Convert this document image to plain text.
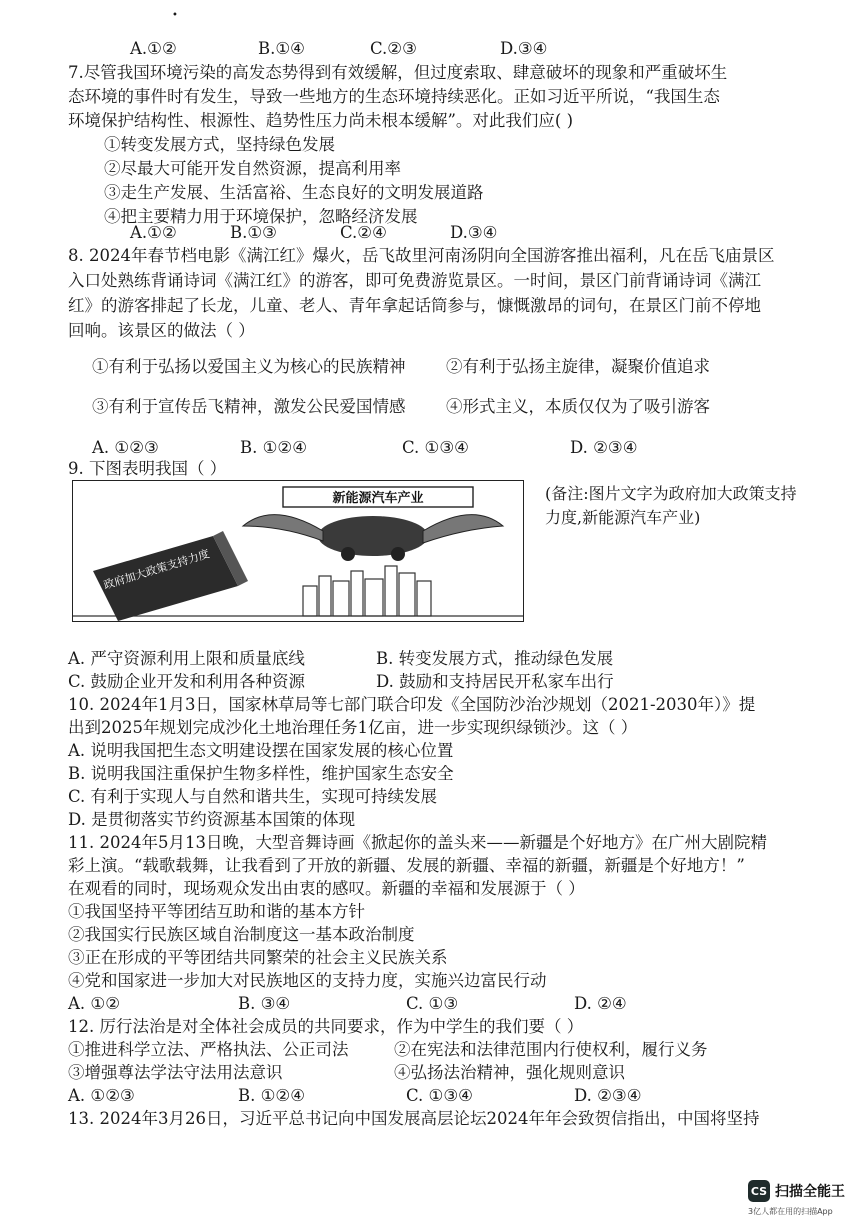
•
A.①②	B.①④	C.②③	D.③④
7.尽管我国环境污染的高发态势得到有效缓解，但过度索取、肆意破坏的现象和严重破坏生
态环境的事件时有发生，导致一些地方的生态环境持续恶化。正如习近平所说，“我国生态
环境保护结构性、根源性、趋势性压力尚未根本缓解”。对此我们应( )
①转变发展方式，坚持绿色发展
②尽最大可能开发自然资源，提高利用率
③走生产发展、生活富裕、生态良好的文明发展道路
④把主要精力用于环境保护，忽略经济发展
A.①②	B.①③	C.②④	D.③④
8. 2024年春节档电影《满江红》爆火，岳飞故里河南汤阴向全国游客推出福利，凡在岳飞庙景区
入口处熟练背诵诗词《满江红》的游客，即可免费游览景区。一时间，景区门前背诵诗词《满江
红》的游客排起了长龙，儿童、老人、青年拿起话筒参与，慷慨激昂的词句，在景区门前不停地
回响。该景区的做法（ ）
①有利于弘扬以爱国主义为核心的民族精神 ②有利于弘扬主旋律，凝聚价值追求
③有利于宣传岳飞精神，激发公民爱国情感 ④形式主义，本质仅仅为了吸引游客
A. ①②③	B. ①②④	C. ①③④	D. ②③④
9. 下图表明我国（ ）
政府加大政策支持力度
新能源汽车产业	(备注:图片文字为政府加大政策支持力度,新能源汽车产业)
A. 严守资源利用上限和质量底线	B. 转变发展方式，推动绿色发展
C. 鼓励企业开发和利用各种资源	D. 鼓励和支持居民开私家车出行
10. 2024年1月3日，国家林草局等七部门联合印发《全国防沙治沙规划（2021-2030年）》提
出到2025年规划完成沙化土地治理任务1亿亩，进一步实现织绿锁沙。这（ ）
A. 说明我国把生态文明建设摆在国家发展的核心位置
B. 说明我国注重保护生物多样性，维护国家生态安全
C. 有利于实现人与自然和谐共生，实现可持续发展
D. 是贯彻落实节约资源基本国策的体现
11. 2024年5月13日晚，大型音舞诗画《掀起你的盖头来——新疆是个好地方》在广州大剧院精
彩上演。“载歌载舞，让我看到了开放的新疆、发展的新疆、幸福的新疆，新疆是个好地方！”
在观看的同时，现场观众发出由衷的感叹。新疆的幸福和发展源于（ ）
①我国坚持平等团结互助和谐的基本方针
②我国实行民族区域自治制度这一基本政治制度
③正在形成的平等团结共同繁荣的社会主义民族关系
④党和国家进一步加大对民族地区的支持力度，实施兴边富民行动
A. ①②	B. ③④	C. ①③	D. ②④
12. 厉行法治是对全体社会成员的共同要求，作为中学生的我们要（ ）
①推进科学立法、严格执法、公正司法	②在宪法和法律范围内行使权利，履行义务
③增强尊法学法守法用法意识	④弘扬法治精神，强化规则意识
A. ①②③	B. ①②④	C. ①③④	D. ②③④
13. 2024年3月26日，习近平总书记向中国发展高层论坛2024年年会致贺信指出，中国将坚持
CS 扫描全能王
3亿人都在用的扫描App
